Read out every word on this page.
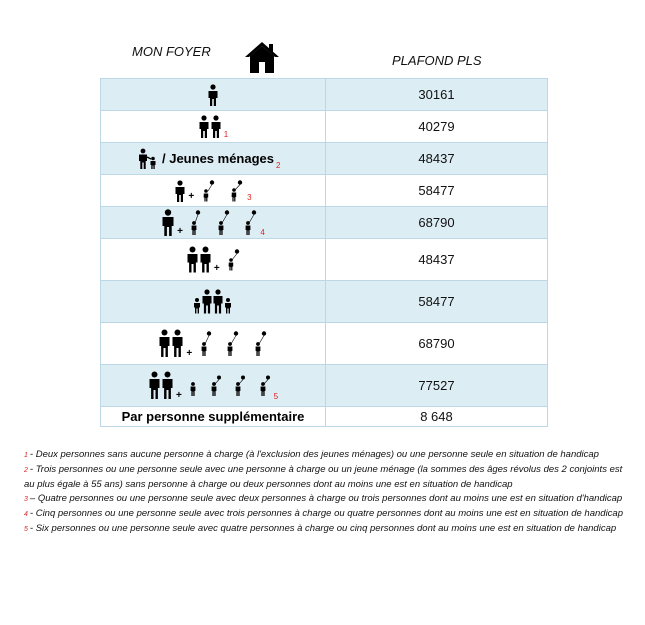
MON FOYER
PLAFOND PLS
	30161
1	40279
/ Jeunes ménages 2	48437
+ 3	58477
+ 4	68790
+	48437
	58477
+	68790
+ 5	77527
Par personne supplémentaire	8 648

1 - Deux personnes sans aucune personne à charge (à l'exclusion des jeunes ménages) ou une personne seule en situation de handicap

2 - Trois personnes ou une personne seule avec une personne à charge ou un jeune ménage (la sommes des âges révolus des 2 conjoints est au plus égale à 55 ans) sans personne à charge ou deux personnes dont au moins une est en situation de handicap

3 – Quatre personnes ou une personne seule avec deux personnes à charge ou trois personnes dont au moins une est en situation d'handicap

4 - Cinq personnes ou une personne seule avec trois personnes à charge ou quatre personnes dont au moins une est en situation de handicap

5 - Six personnes ou une personne seule avec quatre personnes à charge ou cinq personnes dont au moins une est en situation de handicap
